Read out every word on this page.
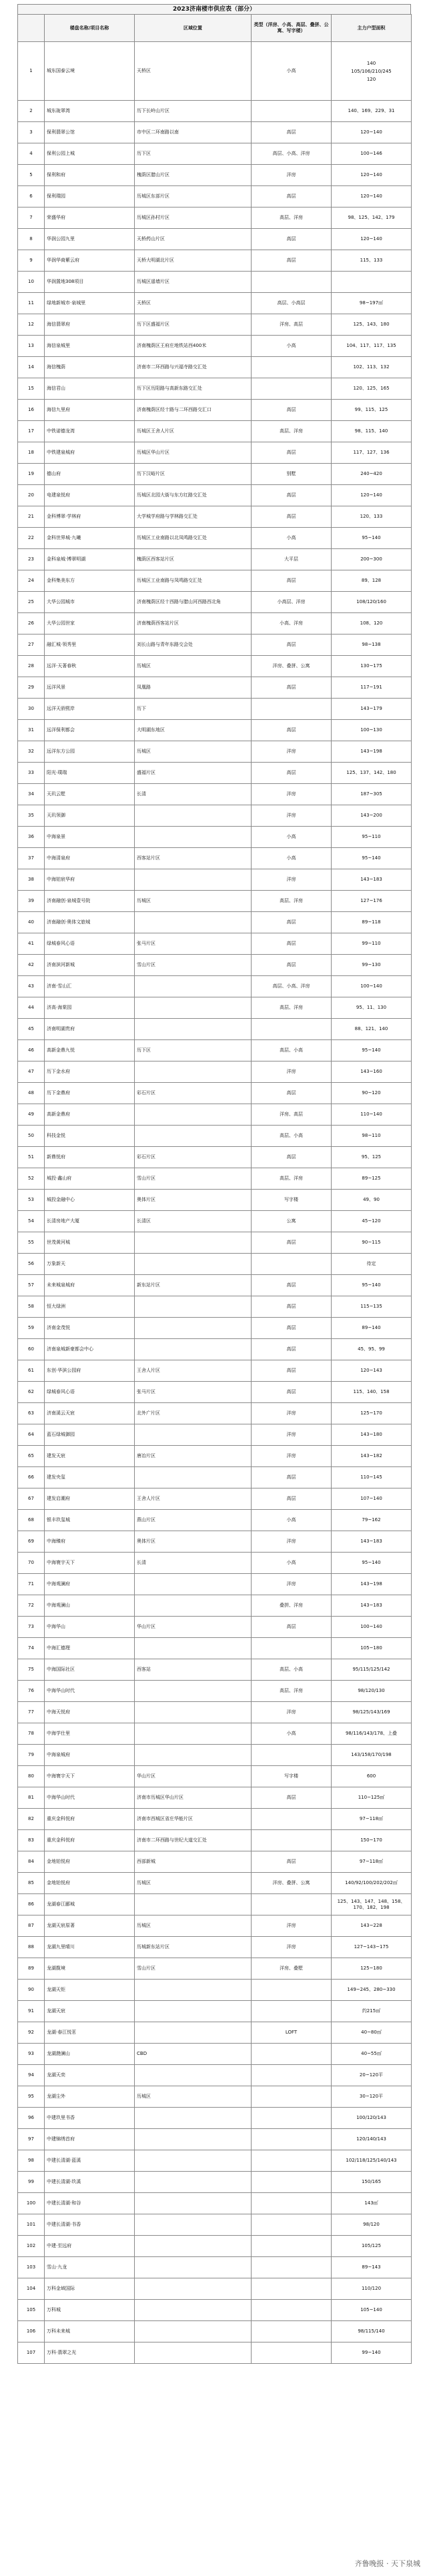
2023济南楼市供应表（部分）
	楼盘名称/项目名称	区域位置	类型（洋房、小高、高层、叠拼、公寓、写字楼）	主力户型面积
1	城东国泰云境	天桥区	小高	140
105/106/210/245
120

2	城东珑翠湾	历下长岭山片区		140、169、229、31
3	保利翡翠公馆	市中区二环南路以南	高层	120~140
4	保利公园上城	历下区	高层、小高、洋房	100~146
5	保利和府	槐荫区腊山片区	洋房	120~140
6	保利璞园	历城区东部片区	高层	120~140
7	荣盛华府	历城区孙村片区	高层、洋房	98、125、142、179
8	华润公园九里	天桥药山片区	高层	120~140
9	华润华商紫云府	天桥大明湖北片区	高层	115、133
10	华润置地308项目	历城区遥墙片区		
11	绿地新城市·泉城里	天桥区	高层、小高层	98~197㎡
12	海信翡翠府	历下区盛福片区	洋房、高层	125、143、180
13	海信泉城里	济南槐荫区王府庄地铁站西400米	小高	104、117、117、135
14	海信槐荫	济南市二环西路与兴福寺路交汇处		102、113、132
15	海信君山	历下区历阳路与高新东路交汇处		120、125、165
16	海信九里府	济南槐荫区经十路与二环西路交汇口	高层	99、115、125
17	中铁诺德龙湾	历城区王舍人片区	高层、洋房	98、115、140
18	中铁建泉城府	历城区华山片区	高层	117、127、136
19	德山府	历下汉峪片区	别墅	240~420
20	电建泉悦府	历城区北园大街与东方红路交汇处	高层	120~140
21	金科博翠·学林府	大学城学府路与学林路交汇处	高层	120、133
22	金科世界城·九曦	历城区工业南路以北凤鸣路交汇处	小高	95~140
23	金科泉城·博翠明湖	槐荫区西客站片区	大平层	200~300
24	金科集美东方	历城区工业南路与凤鸣路交汇处	高层	89、128
25	大华公园城市	济南槐荫区经十西路与腊山河西路西北角	小高层、洋房	108/120/160
26	大华公园世家	济南槐荫西客站片区	小高、洋房	108、120
27	融汇城·领秀里	刘长山路与青年东路交会处	高层	98~138
28	远洋·天著春秋	历城区	洋房、叠拼、公寓	130~175
29	远洋风景	凤凰路	高层	117~191
30	远洋天骄熙岸	历下		143~179
31	远洋保利都会	大明湖东地区	高层	100~130
32	远洋东方公园	历城区	洋房	143~198
33	阳光·璞瑞	盛福片区	高层	125、137、142、180
34	天玑云墅	长清	洋房	187~305
35	天玑领御		洋房	143~200
36	中海泉景		小高	95~110
37	中海清泉府	西客站片区	小高	95~140
38	中海铂宸华府		洋房	143~183
39	济南融创·泉城壹号院	历城区	高层、洋房	127~176
40	济南融创·奥体文旅城		高层	89~118
41	绿城春风心语	张马片区	高层	99~110
42	济南滨河新城	雪山片区	高层	99~130
43	济南·雪山汇		高层、小高、洋房	100~140
44	济高·海棠园		高层、洋房	95、11、130
45	济南明湖贵府			88、121、140
46	高新金鼎九悦	历下区	高层、小高	95~140
47	历下金水府		洋房	143~160
48	历下金鼎府	彩石片区	高层	90~120
49	高新金鼎府		洋房、高层	110~140
50	科技金悦		高层、小高	98~110
51	新鼎悦府	彩石片区	高层	95、125
52	城投·鑫山府	雪山片区	高层、洋房	89~125
53	城投金融中心	奥体片区	写字楼	49、90
54	长清房地产大厦	长清区	公寓	45~120
55	世茂黄河城		高层	90~115
56	万象新天			待定
57	未来城泉城府	新东站片区	高层	95~140
58	恒大绿洲		高层	115~135
59	济南金茂悦		高层	89~140
60	济南泉城新豪都会中心		高层	45、95、99
61	东创·华滨公园府	王舍人片区	高层	120~143
62	绿城春风心语	张马片区	高层	115、140、158
63	济南溪云天宸	北外广片区	洋房	125~170
64	蓝石绿城御园		洋房	143~180
65	建发天宸	唐冶片区	洋房	143~182
66	建发央玺		高层	110~145
67	建发启潮府	王舍人片区	高层	107~140
68	银丰玖玺城	燕山片区	小高	79~162
69	中海臻府	奥体片区	洋房	143~183
70	中海寰宇天下	长清	小高	95~140
71	中海观澜府		洋房	143~198
72	中海观澜山		叠拼、洋房	143~183
73	中海华山	华山片区	高层	100~140
74	中海汇德理			105~180
75	中海国际社区	西客站	高层、小高	95/115/125/142
76	中海华山时代		高层、洋房	98/120/130
77	中海天悦府		洋房	98/125/143/169
78	中海学仕里		小高	98/116/143/178、上叠
79	中海泉城府			143/158/170/198
80	中海寰宇天下	华山片区	写字楼	600
81	中海华山时代	济南市历城区华山片区	高层	110~125㎡
82	重庆金科悦府	济南市西城区省庄华能片区		97~118㎡
83	重庆金科悦府	济南市二环西路与世纪大道交汇处		150~170
84	金地铂悦府	西部新城	高层	97~118㎡
85	金地铂悦府	历城区	洋房、叠拼、公寓	140/92/100/202/202㎡
86	龙湖春江郦城			125、143、147、148、158、170、182、198
87	龙湖天宸原著	历城区	洋房	143~228
88	龙湖九里晴川	历城新东站片区	洋房	127~143~175
89	龙湖揽境	雪山片区	洋房、叠墅	125~180
90	龙湖天钜			149~245、280~330
91	龙湖天宸			约215㎡
92	龙湖·春江悦茗		LOFT	40~80㎡
93	龙湖滟澜山	CBD		40~55㎡
94	龙湖天奕			20~120平
95	龙湖尘外	历城区		30~120平
96	中建玖里书香			100/120/143
97	中建锦绣首府			120/140/143
98	中建长清湖·蓝溪			102/118/125/140/143
99	中建长清湖·玖溪			150/165
100	中建长清湖·和谷			143㎡
101	中建长清湖·书香			98/120
102	中建·至远府			105/125
103	雪山·九龙			89~143
104	万科金域国际			110/120
105	万科城			105~140
106	万科未来城			98/115/140
107	万科·翡翠之光			99~140
齐鲁晚报 · 天下泉城
